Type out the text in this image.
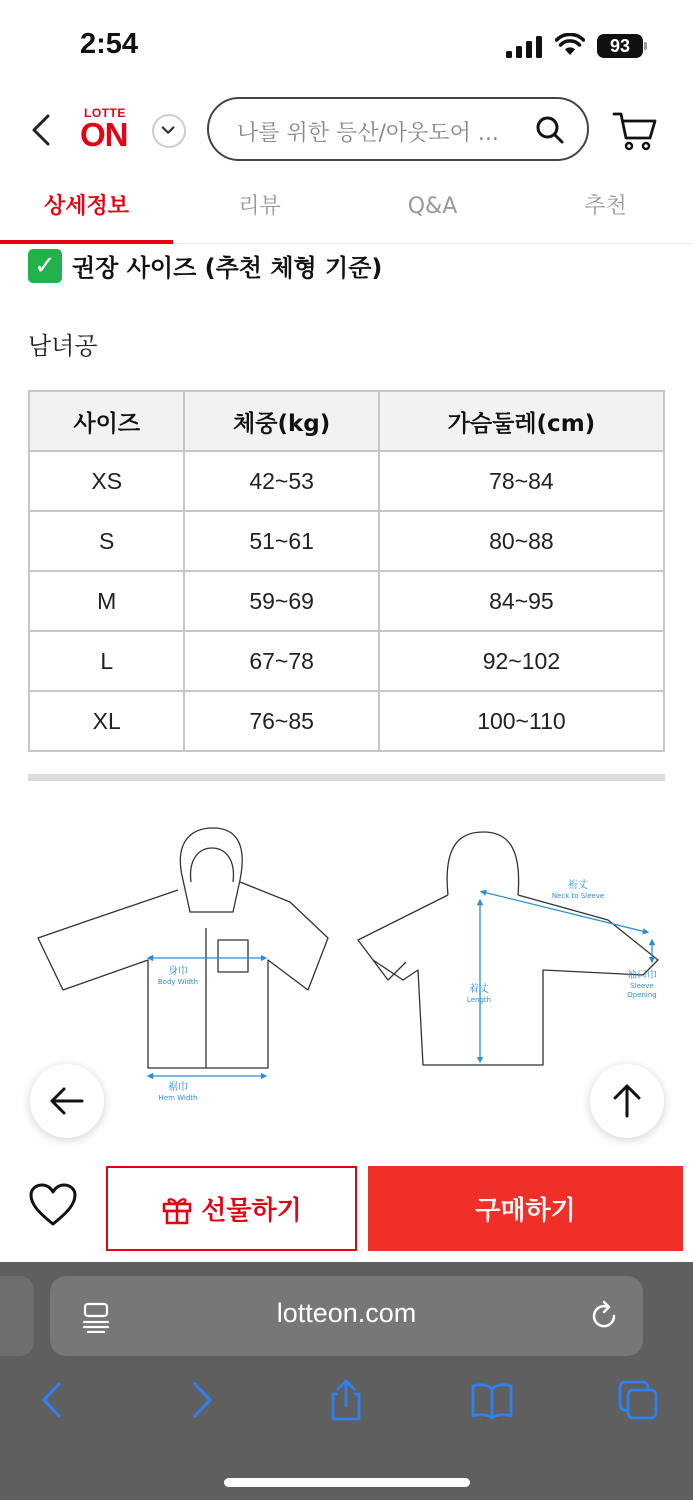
2:54	93
LOTTE
ON	나를 위한 등산/아웃도어 ...
상세정보	리뷰	Q&A	추천
✓ 권장 사이즈 (추천 체형 기준)
남녀공
사이즈	체중(kg)	가슴둘레(cm)
XS	42~53	78~84
S	51~61	80~88
M	59~69	84~95
L	67~78	92~102
XL	76~85	100~110
身巾
Body Width
裾巾
Hem Width
裄丈
Neck to Sleeve
袖口巾
Sleeve
Opening
着丈
Length
선물하기	구매하기
lotteon.com
